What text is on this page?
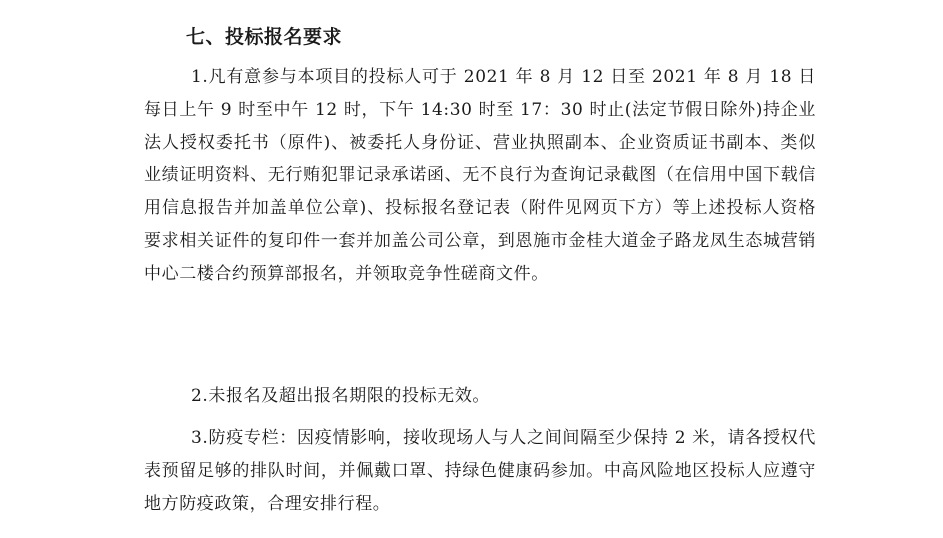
七、投标报名要求

1.凡有意参与本项目的投标人可于 2021 年 8 月 12 日至 2021 年 8 月 18 日每日上午 9 时至中午 12 时，下午 14:30 时至 17：30 时止(法定节假日除外)持企业法人授权委托书（原件)、被委托人身份证、营业执照副本、企业资质证书副本、类似业绩证明资料、无行贿犯罪记录承诺函、无不良行为查询记录截图（在信用中国下载信用信息报告并加盖单位公章)、投标报名登记表（附件见网页下方）等上述投标人资格要求相关证件的复印件一套并加盖公司公章，到恩施市金桂大道金子路龙凤生态城营销中心二楼合约预算部报名，并领取竞争性磋商文件。

2.未报名及超出报名期限的投标无效。

3.防疫专栏：因疫情影响，接收现场人与人之间间隔至少保持 2 米，请各授权代表预留足够的排队时间，并佩戴口罩、持绿色健康码参加。中高风险地区投标人应遵守地方防疫政策，合理安排行程。
